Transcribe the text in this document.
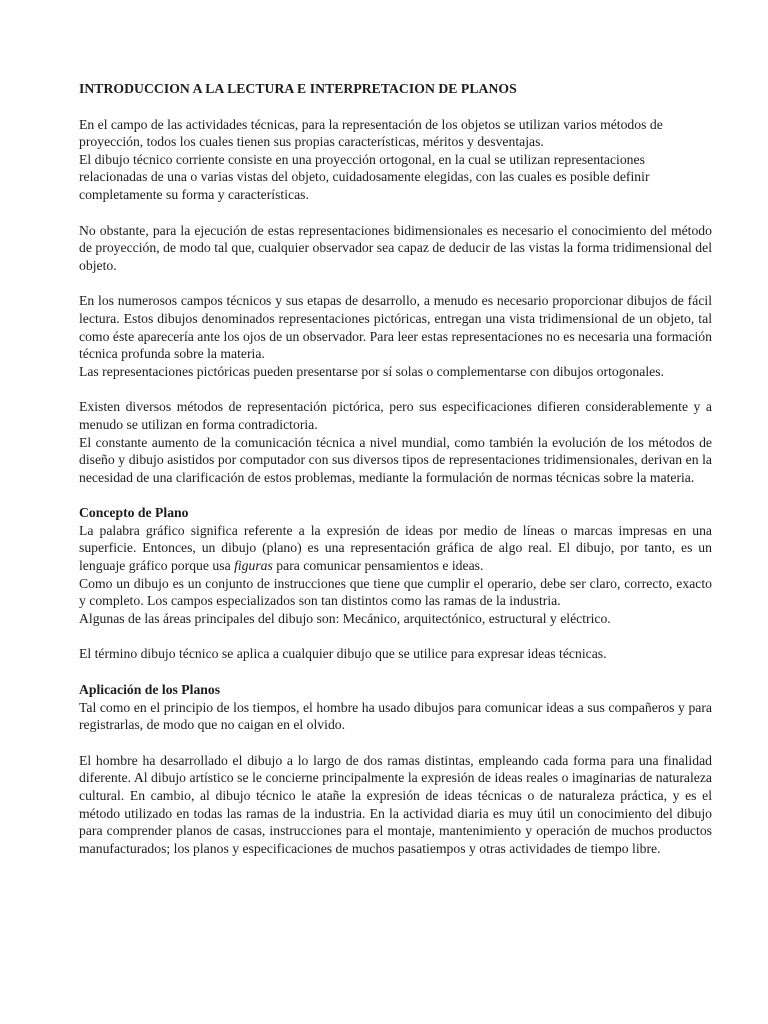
INTRODUCCION A LA LECTURA E INTERPRETACION DE PLANOS

En el campo de las actividades técnicas, para la representación de los objetos se utilizan varios métodos de proyección, todos los cuales tienen sus propias características, méritos y desventajas.

El dibujo técnico corriente consiste en una proyección ortogonal, en la cual se utilizan representaciones relacionadas de una o varias vistas del objeto, cuidadosamente elegidas, con las cuales es posible definir completamente su forma y características.

No obstante, para la ejecución de estas representaciones bidimensionales es necesario el conocimiento del método de proyección, de modo tal que, cualquier observador sea capaz de deducir de las vistas la forma tridimensional del objeto.

En los numerosos campos técnicos y sus etapas de desarrollo, a menudo es necesario proporcionar dibujos de fácil lectura. Estos dibujos denominados representaciones pictóricas, entregan una vista tridimensional de un objeto, tal como éste aparecería ante los ojos de un observador. Para leer estas representaciones no es necesaria una formación técnica profunda sobre la materia.

Las representaciones pictóricas pueden presentarse por sí solas o complementarse con dibujos ortogonales.

Existen diversos métodos de representación pictórica, pero sus especificaciones difieren considerablemente y a menudo se utilizan en forma contradictoria.

El constante aumento de la comunicación técnica a nivel mundial, como también la evolución de los métodos de diseño y dibujo asistidos por computador con sus diversos tipos de representaciones tridimensionales, derivan en la necesidad de una clarificación de estos problemas, mediante la formulación de normas técnicas sobre la materia.

Concepto de Plano

La palabra gráfico significa referente a la expresión de ideas por medio de líneas o marcas impresas en una superficie. Entonces, un dibujo (plano) es una representación gráfica de algo real. El dibujo, por tanto, es un lenguaje gráfico porque usa figuras para comunicar pensamientos e ideas.

Como un dibujo es un conjunto de instrucciones que tiene que cumplir el operario, debe ser claro, correcto, exacto y completo. Los campos especializados son tan distintos como las ramas de la industria.

Algunas de las áreas principales del dibujo son: Mecánico, arquitectónico, estructural y eléctrico.

El término dibujo técnico se aplica a cualquier dibujo que se utilice para expresar ideas técnicas.

Aplicación de los Planos

Tal como en el principio de los tiempos, el hombre ha usado dibujos para comunicar ideas a sus compañeros y para registrarlas, de modo que no caigan en el olvido.

El hombre ha desarrollado el dibujo a lo largo de dos ramas distintas, empleando cada forma para una finalidad diferente. Al dibujo artístico se le concierne principalmente la expresión de ideas reales o imaginarias de naturaleza cultural. En cambio, al dibujo técnico le atañe la expresión de ideas técnicas o de naturaleza práctica, y es el método utilizado en todas las ramas de la industria. En la actividad diaria es muy útil un conocimiento del dibujo para comprender planos de casas, instrucciones para el montaje, mantenimiento y operación de muchos productos manufacturados; los planos y especificaciones de muchos pasatiempos y otras actividades de tiempo libre.
